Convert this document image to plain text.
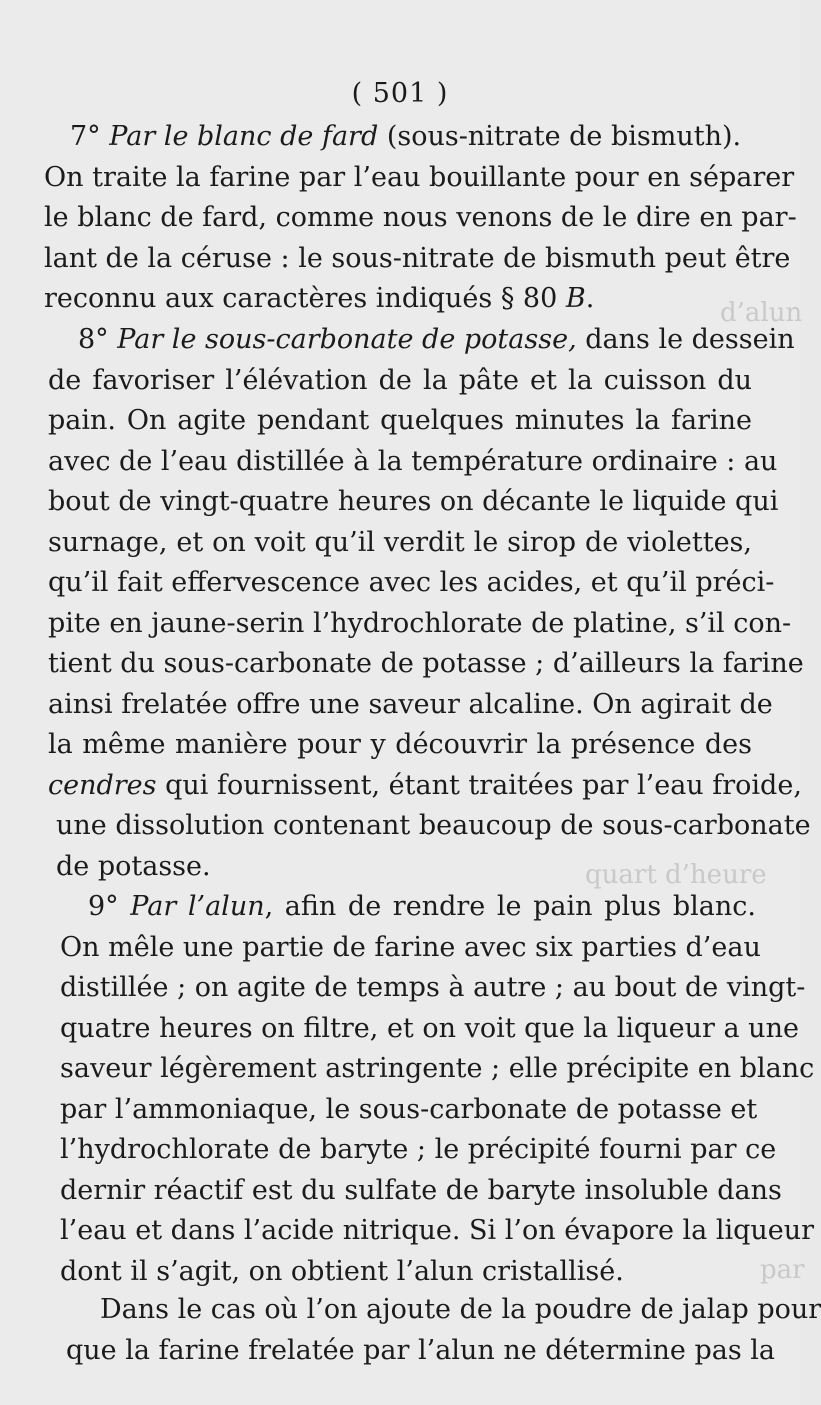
( 501 )
d’alun
quart d’heure
par
7° Par le blanc de fard (sous-nitrate de bismuth).
On traite la farine par l’eau bouillante pour en séparer
le blanc de fard, comme nous venons de le dire en par-
lant de la céruse : le sous-nitrate de bismuth peut être
reconnu aux caractères indiqués § 80 B.
8° Par le sous-carbonate de potasse, dans le dessein
de favoriser l’élévation de la pâte et la cuisson du
pain. On agite pendant quelques minutes la farine
avec de l’eau distillée à la température ordinaire : au
bout de vingt-quatre heures on décante le liquide qui
surnage, et on voit qu’il verdit le sirop de violettes,
qu’il fait effervescence avec les acides, et qu’il préci-
pite en jaune-serin l’hydrochlorate de platine, s’il con-
tient du sous-carbonate de potasse ; d’ailleurs la farine
ainsi frelatée offre une saveur alcaline. On agirait de
la même manière pour y découvrir la présence des
cendres qui fournissent, étant traitées par l’eau froide,
une dissolution contenant beaucoup de sous-carbonate
de potasse.
9° Par l’alun, afin de rendre le pain plus blanc.
On mêle une partie de farine avec six parties d’eau
distillée ; on agite de temps à autre ; au bout de vingt-
quatre heures on filtre, et on voit que la liqueur a une
saveur légèrement astringente ; elle précipite en blanc
par l’ammoniaque, le sous-carbonate de potasse et
l’hydrochlorate de baryte ; le précipité fourni par ce
dernir réactif est du sulfate de baryte insoluble dans
l’eau et dans l’acide nitrique. Si l’on évapore la liqueur
dont il s’agit, on obtient l’alun cristallisé.
Dans le cas où l’on ajoute de la poudre de jalap pour
que la farine frelatée par l’alun ne détermine pas la
